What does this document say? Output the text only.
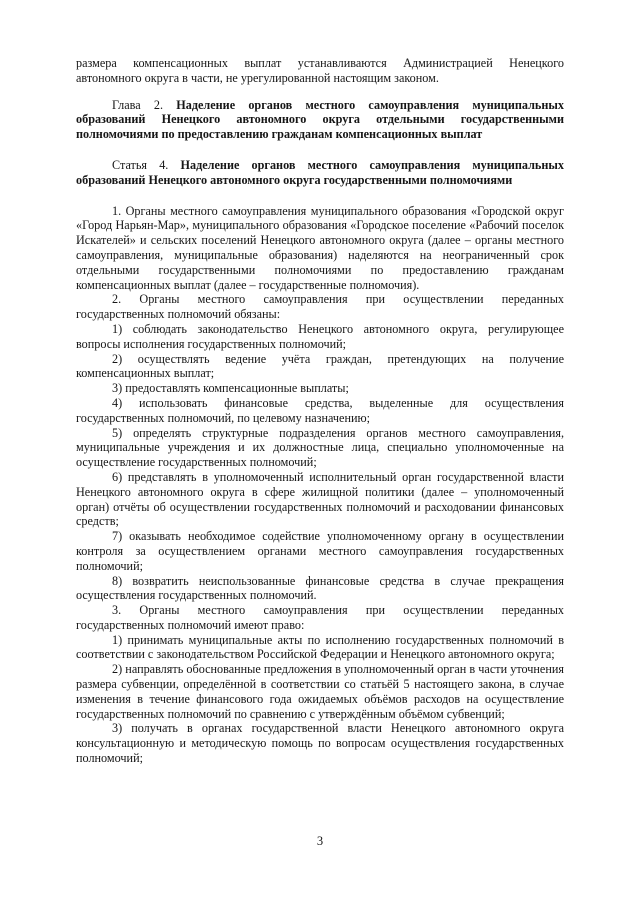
размера компенсационных выплат устанавливаются Администрацией Ненецкого автономного округа в части, не урегулированной настоящим законом.

Глава 2. Наделение органов местного самоуправления муниципальных образований Ненецкого автономного округа отдельными государственными полномочиями по предоставлению гражданам компенсационных выплат

Статья 4. Наделение органов местного самоуправления муниципальных образований Ненецкого автономного округа государственными полномочиями

1. Органы местного самоуправления муниципального образования «Городской округ «Город Нарьян-Мар», муниципального образования «Городское поселение «Рабочий поселок Искателей» и сельских поселений Ненецкого автономного округа (далее – органы местного самоуправления, муниципальные образования) наделяются на неограниченный срок отдельными государственными полномочиями по предоставлению гражданам компенсационных выплат (далее – государственные полномочия).

2. Органы местного самоуправления при осуществлении переданных государственных полномочий обязаны:

1) соблюдать законодательство Ненецкого автономного округа, регулирующее вопросы исполнения государственных полномочий;

2) осуществлять ведение учёта граждан, претендующих на получение компенсационных выплат;

3) предоставлять компенсационные выплаты;

4) использовать финансовые средства, выделенные для осуществления государственных полномочий, по целевому назначению;

5) определять структурные подразделения органов местного самоуправления, муниципальные учреждения и их должностные лица, специально уполномоченные на осуществление государственных полномочий;

6) представлять в уполномоченный исполнительный орган государственной власти Ненецкого автономного округа в сфере жилищной политики (далее – уполномоченный орган) отчёты об осуществлении государственных полномочий и расходовании финансовых средств;

7) оказывать необходимое содействие уполномоченному органу в осуществлении контроля за осуществлением органами местного самоуправления государственных полномочий;

8) возвратить неиспользованные финансовые средства в случае прекращения осуществления государственных полномочий.

3. Органы местного самоуправления при осуществлении переданных государственных полномочий имеют право:

1) принимать муниципальные акты по исполнению государственных полномочий в соответствии с законодательством Российской Федерации и Ненецкого автономного округа;

2) направлять обоснованные предложения в уполномоченный орган в части уточнения размера субвенции, определённой в соответствии со статьёй 5 настоящего закона, в случае изменения в течение финансового года ожидаемых объёмов расходов на осуществление государственных полномочий по сравнению с утверждённым объёмом субвенций;

3) получать в органах государственной власти Ненецкого автономного округа консультационную и методическую помощь по вопросам осуществления государственных полномочий;

3
